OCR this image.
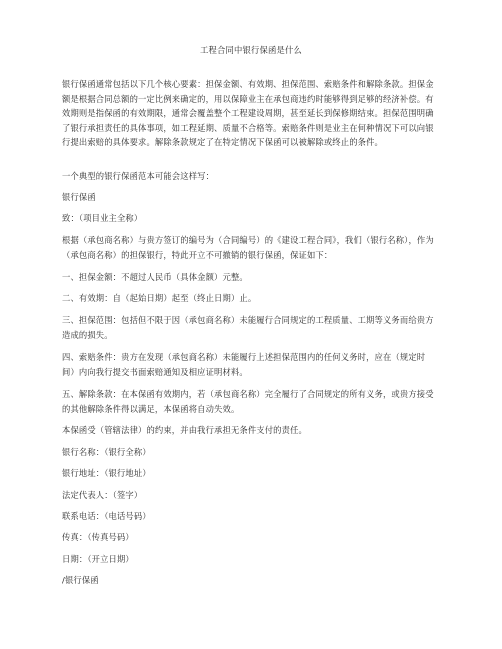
工程合同中银行保函是什么

银行保函通常包括以下几个核心要素：担保金额、有效期、担保范围、索赔条件和解除条款。担保金额是根据合同总额的一定比例来确定的，用以保障业主在承包商违约时能够得到足够的经济补偿。有效期则是指保函的有效期限，通常会覆盖整个工程建设周期，甚至延长到保修期结束。担保范围明确了银行承担责任的具体事项，如工程延期、质量不合格等。索赔条件则是业主在何种情况下可以向银行提出索赔的具体要求。解除条款规定了在特定情况下保函可以被解除或终止的条件。

一个典型的银行保函范本可能会这样写：

银行保函

致：（项目业主全称）

根据（承包商名称）与贵方签订的编号为（合同编号）的《建设工程合同》，我们（银行名称），作为（承包商名称）的担保银行，特此开立不可撤销的银行保函，保证如下：

一、担保金额：不超过人民币（具体金额）元整。

二、有效期：自（起始日期）起至（终止日期）止。

三、担保范围：包括但不限于因（承包商名称）未能履行合同规定的工程质量、工期等义务而给贵方造成的损失。

四、索赔条件：贵方在发现（承包商名称）未能履行上述担保范围内的任何义务时，应在（规定时间）内向我行提交书面索赔通知及相应证明材料。

五、解除条款：在本保函有效期内，若（承包商名称）完全履行了合同规定的所有义务，或贵方接受的其他解除条件得以满足，本保函将自动失效。

本保函受（管辖法律）的约束，并由我行承担无条件支付的责任。

银行名称：（银行全称）

银行地址：（银行地址）

法定代表人：（签字）

联系电话：（电话号码）

传真：（传真号码）

日期：（开立日期）

/银行保函
